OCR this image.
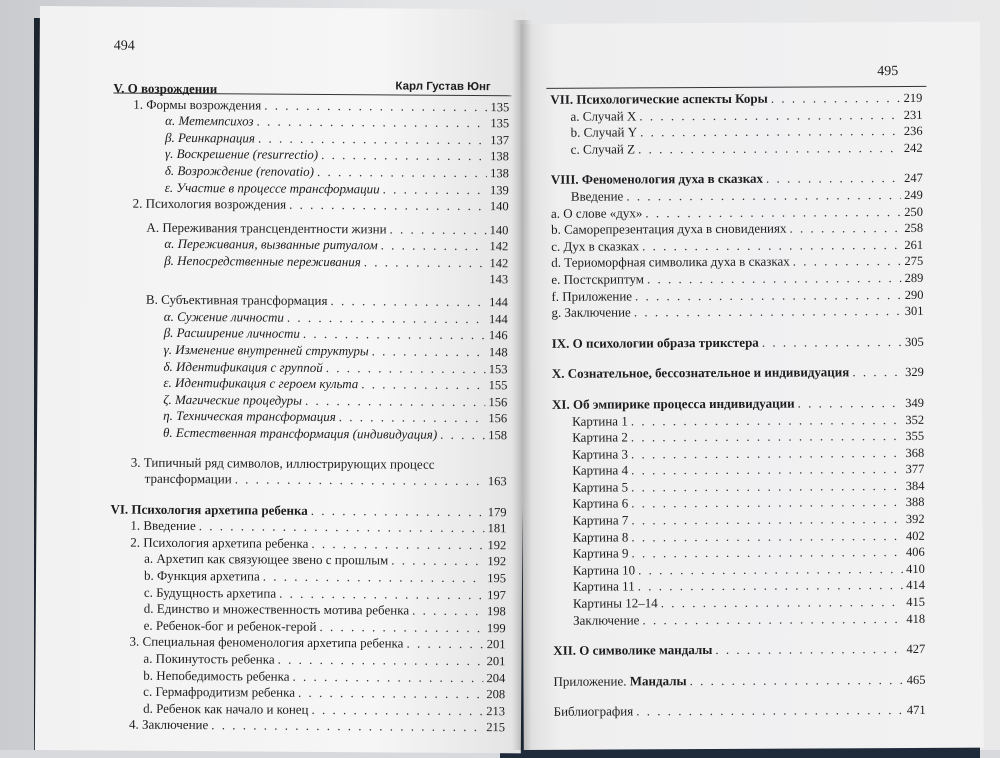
494
Карл Густав Юнг
V. О возрождении
1. Формы возрождения . . .	135
α. Метемпсихоз . . .	135
β. Реинкарнация . . .	137
γ. Воскрешение (resurrectio) . . .	138
δ. Возрождение (renovatio) . . .	138
ε. Участие в процессе трансформации . . .	139
2. Психология возрождения . . .	140
А. Переживания трансцендентности жизни . . .	140
α. Переживания, вызванные ритуалом . . .	142
β. Непосредственные переживания . . .	142
143
В. Субъективная трансформация . . .	144
α. Сужение личности . . .	144
β. Расширение личности . . .	146
γ. Изменение внутренней структуры . . .	148
δ. Идентификация с группой . . .	153
ε. Идентификация с героем культа . . .	155
ζ. Магические процедуры . . .	156
η. Техническая трансформация . . .	156
θ. Естественная трансформация (индивидуация) . . .	158
3. Типичный ряд символов, иллюстрирующих процесс
трансформации . . .	163
VI. Психология архетипа ребенка . . .	179
1. Введение . . .	181
2. Психология архетипа ребенка . . .	192
a. Архетип как связующее звено с прошлым . . .	192
b. Функция архетипа . . .	195
c. Будущность архетипа . . .	197
d. Единство и множественность мотива ребенка . . .	198
e. Ребенок-бог и ребенок-герой . . .	199
3. Специальная феноменология архетипа ребенка . . .	201
a. Покинутость ребенка . . .	201
b. Непобедимость ребенка . . .	204
c. Гермафродитизм ребенка . . .	208
d. Ребенок как начало и конец . . .	213
4. Заключение . . .	215
495
VII. Психологические аспекты Коры . . .	219
a. Случай X . . .	231
b. Случай Y . . .	236
c. Случай Z . . .	242
VIII. Феноменология духа в сказках . . .	247
Введение . . .	249
a. О слове «дух» . . .	250
b. Саморепрезентация духа в сновидениях . . .	258
c. Дух в сказках . . .	261
d. Териоморфная символика духа в сказках . . .	275
e. Постскриптум . . .	289
f. Приложение . . .	290
g. Заключение . . .	301
IX. О психологии образа трикстера . . .	305
X. Сознательное, бессознательное и индивидуация . . .	329
XI. Об эмпирике процесса индивидуации . . .	349
Картина 1 . . .	352
Картина 2 . . .	355
Картина 3 . . .	368
Картина 4 . . .	377
Картина 5 . . .	384
Картина 6 . . .	388
Картина 7 . . .	392
Картина 8 . . .	402
Картина 9 . . .	406
Картина 10 . . .	410
Картина 11 . . .	414
Картины 12–14 . . .	415
Заключение . . .	418
XII. О символике мандалы . . .	427
Приложение. Мандалы . . .	465
Библиография . . .	471
